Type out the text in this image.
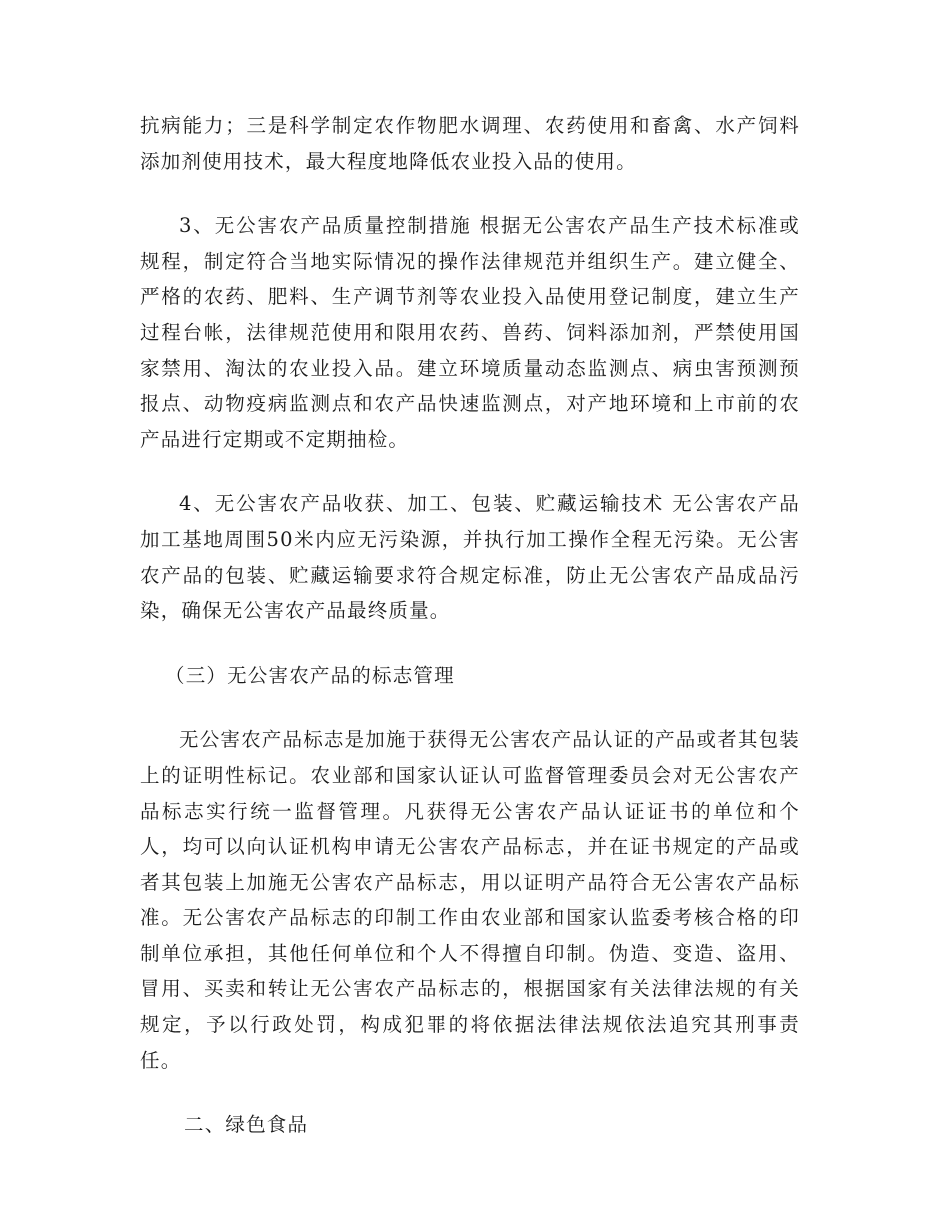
抗病能力；三是科学制定农作物肥水调理、农药使用和畜禽、水产饲料添加剂使用技术，最大程度地降低农业投入品的使用。

3、无公害农产品质量控制措施 根据无公害农产品生产技术标准或规程，制定符合当地实际情况的操作法律规范并组织生产。建立健全、严格的农药、肥料、生产调节剂等农业投入品使用登记制度，建立生产过程台帐，法律规范使用和限用农药、兽药、饲料添加剂，严禁使用国家禁用、淘汰的农业投入品。建立环境质量动态监测点、病虫害预测预报点、动物疫病监测点和农产品快速监测点，对产地环境和上市前的农产品进行定期或不定期抽检。

4、无公害农产品收获、加工、包装、贮藏运输技术 无公害农产品加工基地周围50米内应无污染源，并执行加工操作全程无污染。无公害农产品的包装、贮藏运输要求符合规定标准，防止无公害农产品成品污染，确保无公害农产品最终质量。

（三）无公害农产品的标志管理

无公害农产品标志是加施于获得无公害农产品认证的产品或者其包装上的证明性标记。农业部和国家认证认可监督管理委员会对无公害农产品标志实行统一监督管理。凡获得无公害农产品认证证书的单位和个人，均可以向认证机构申请无公害农产品标志，并在证书规定的产品或者其包装上加施无公害农产品标志，用以证明产品符合无公害农产品标准。无公害农产品标志的印制工作由农业部和国家认监委考核合格的印制单位承担，其他任何单位和个人不得擅自印制。伪造、变造、盗用、冒用、买卖和转让无公害农产品标志的，根据国家有关法律法规的有关规定，予以行政处罚，构成犯罪的将依据法律法规依法追究其刑事责任。

二、绿色食品
